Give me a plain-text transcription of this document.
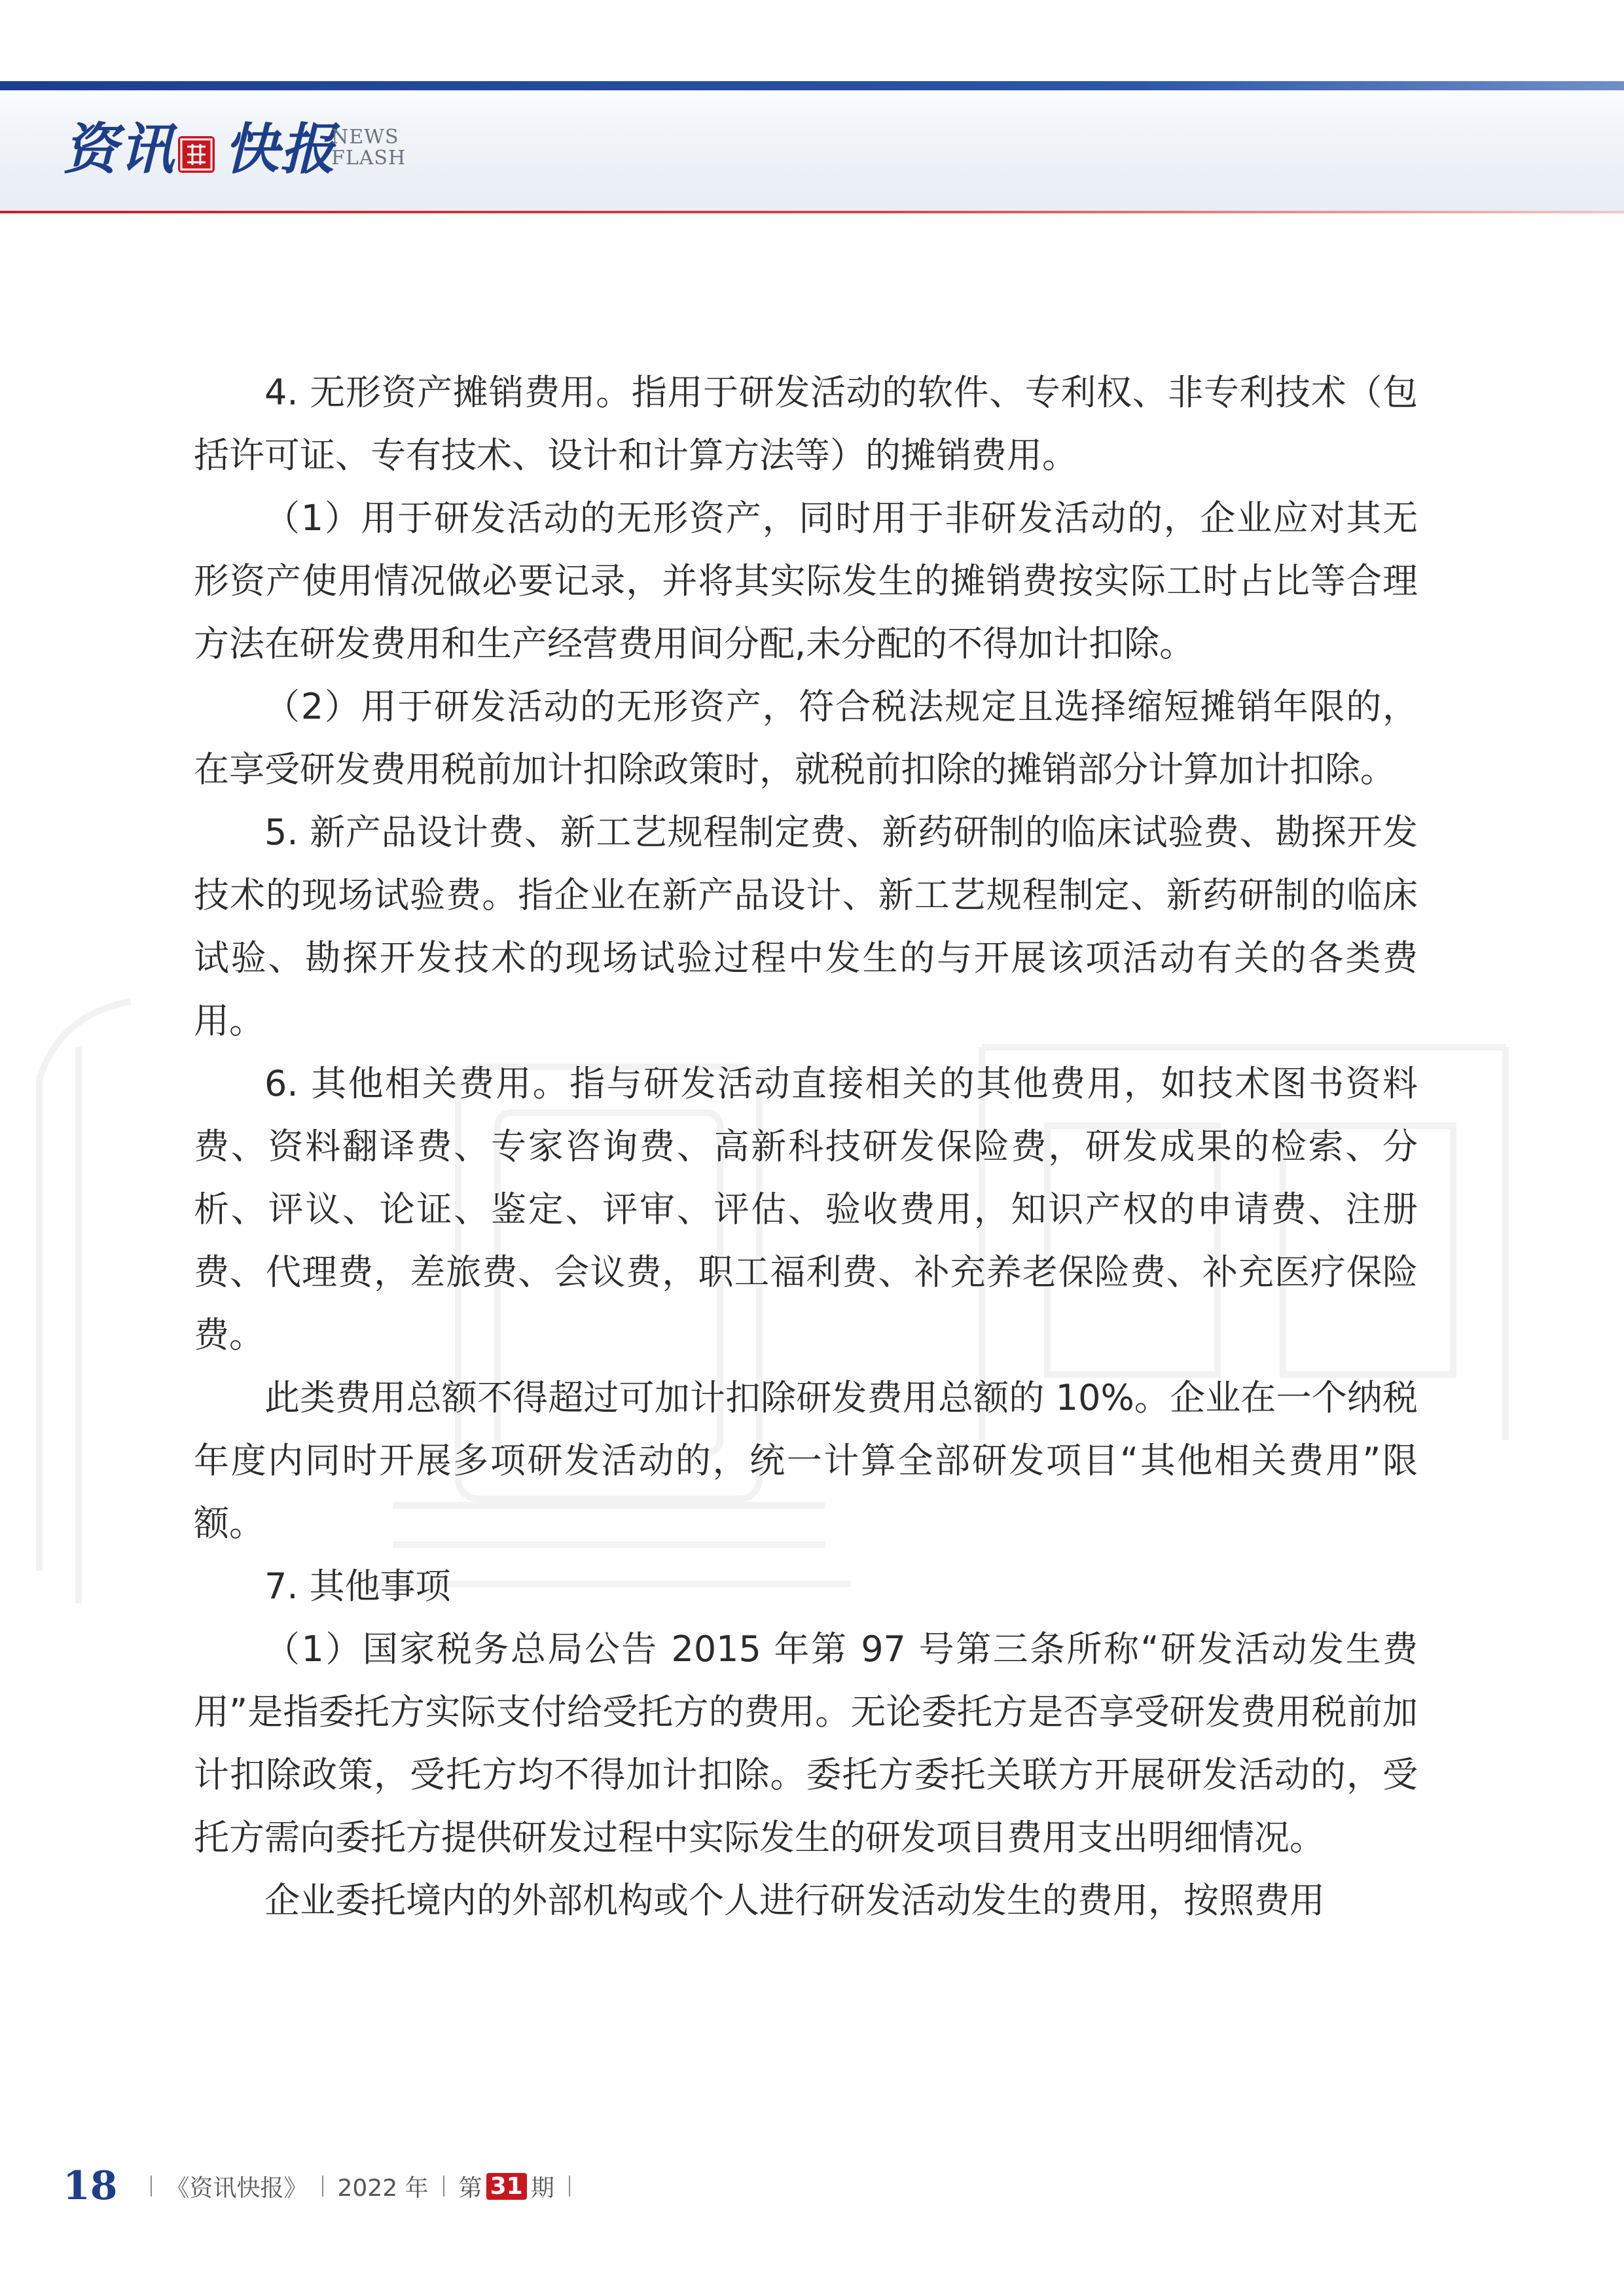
资讯 快报
NEWS
FLASH

4. 无形资产摊销费用。指用于研发活动的软件、专利权、非专利技术（包括许可证、专有技术、设计和计算方法等）的摊销费用。

（1）用于研发活动的无形资产，同时用于非研发活动的，企业应对其无形资产使用情况做必要记录，并将其实际发生的摊销费按实际工时占比等合理方法在研发费用和生产经营费用间分配,未分配的不得加计扣除。

（2）用于研发活动的无形资产，符合税法规定且选择缩短摊销年限的，在享受研发费用税前加计扣除政策时，就税前扣除的摊销部分计算加计扣除。

5. 新产品设计费、新工艺规程制定费、新药研制的临床试验费、勘探开发技术的现场试验费。指企业在新产品设计、新工艺规程制定、新药研制的临床试验、勘探开发技术的现场试验过程中发生的与开展该项活动有关的各类费用。

6. 其他相关费用。指与研发活动直接相关的其他费用，如技术图书资料费、资料翻译费、专家咨询费、高新科技研发保险费，研发成果的检索、分析、评议、论证、鉴定、评审、评估、验收费用，知识产权的申请费、注册费、代理费，差旅费、会议费，职工福利费、补充养老保险费、补充医疗保险费。

此类费用总额不得超过可加计扣除研发费用总额的 10%。企业在一个纳税年度内同时开展多项研发活动的，统一计算全部研发项目“其他相关费用”限额。

7. 其他事项

（1）国家税务总局公告 2015 年第 97 号第三条所称“研发活动发生费用”是指委托方实际支付给受托方的费用。无论委托方是否享受研发费用税前加计扣除政策，受托方均不得加计扣除。委托方委托关联方开展研发活动的，受托方需向委托方提供研发过程中实际发生的研发项目费用支出明细情况。

企业委托境内的外部机构或个人进行研发活动发生的费用，按照费用

18 《资讯快报》 2022 年 第 31 期
